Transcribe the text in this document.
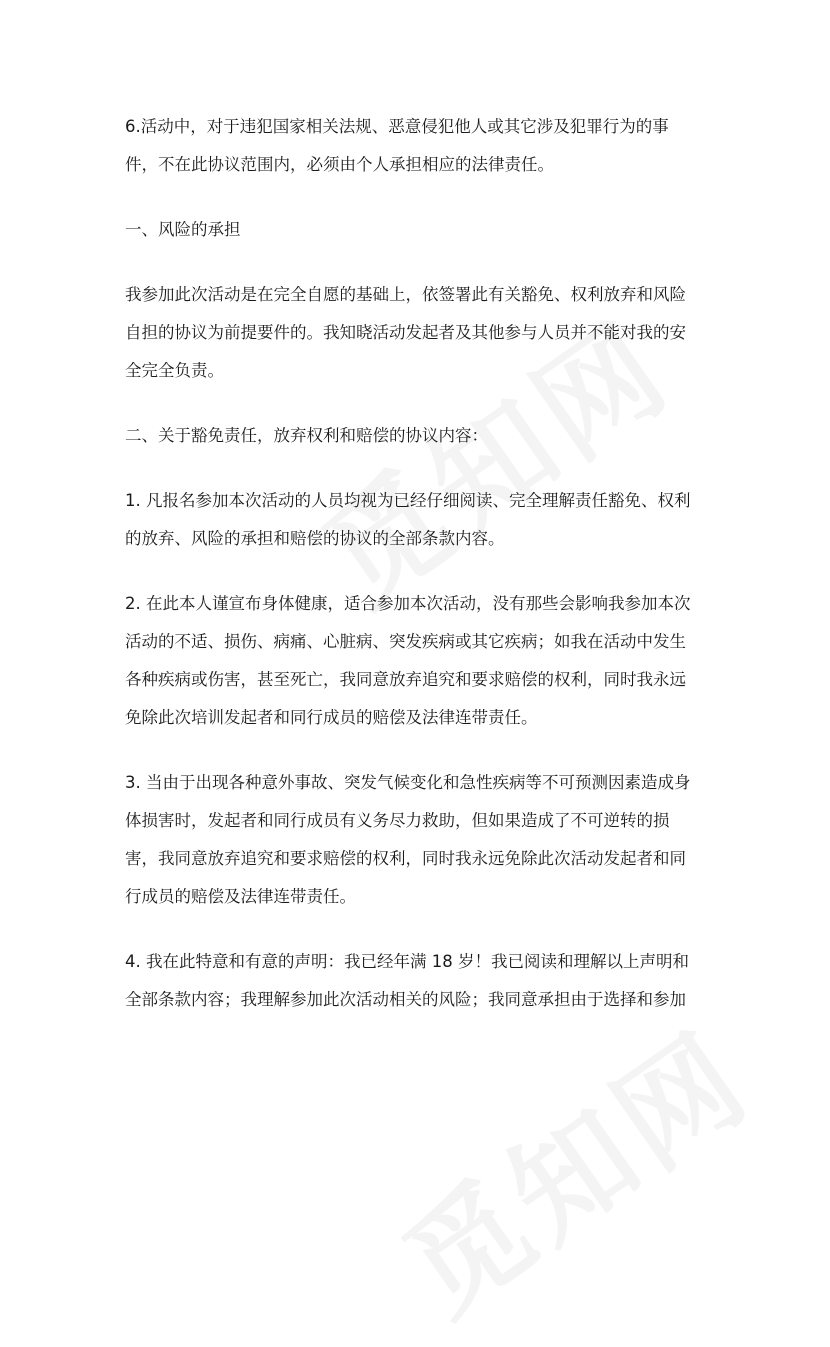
6.活动中，对于违犯国家相关法规、恶意侵犯他人或其它涉及犯罪行为的事
件，不在此协议范围内，必须由个人承担相应的法律责任。
一、风险的承担
我参加此次活动是在完全自愿的基础上，依签署此有关豁免、权利放弃和风险
自担的协议为前提要件的。我知晓活动发起者及其他参与人员并不能对我的安
全完全负责。
二、关于豁免责任，放弃权利和赔偿的协议内容：
1. 凡报名参加本次活动的人员均视为已经仔细阅读、完全理解责任豁免、权利
的放弃、风险的承担和赔偿的协议的全部条款内容。
2. 在此本人谨宣布身体健康，适合参加本次活动，没有那些会影响我参加本次
活动的不适、损伤、病痛、心脏病、突发疾病或其它疾病；如我在活动中发生
各种疾病或伤害，甚至死亡，我同意放弃追究和要求赔偿的权利，同时我永远
免除此次培训发起者和同行成员的赔偿及法律连带责任。
3. 当由于出现各种意外事故、突发气候变化和急性疾病等不可预测因素造成身
体损害时，发起者和同行成员有义务尽力救助，但如果造成了不可逆转的损
害，我同意放弃追究和要求赔偿的权利，同时我永远免除此次活动发起者和同
行成员的赔偿及法律连带责任。
4. 我在此特意和有意的声明：我已经年满 18 岁！我已阅读和理解以上声明和
全部条款内容；我理解参加此次活动相关的风险；我同意承担由于选择和参加
